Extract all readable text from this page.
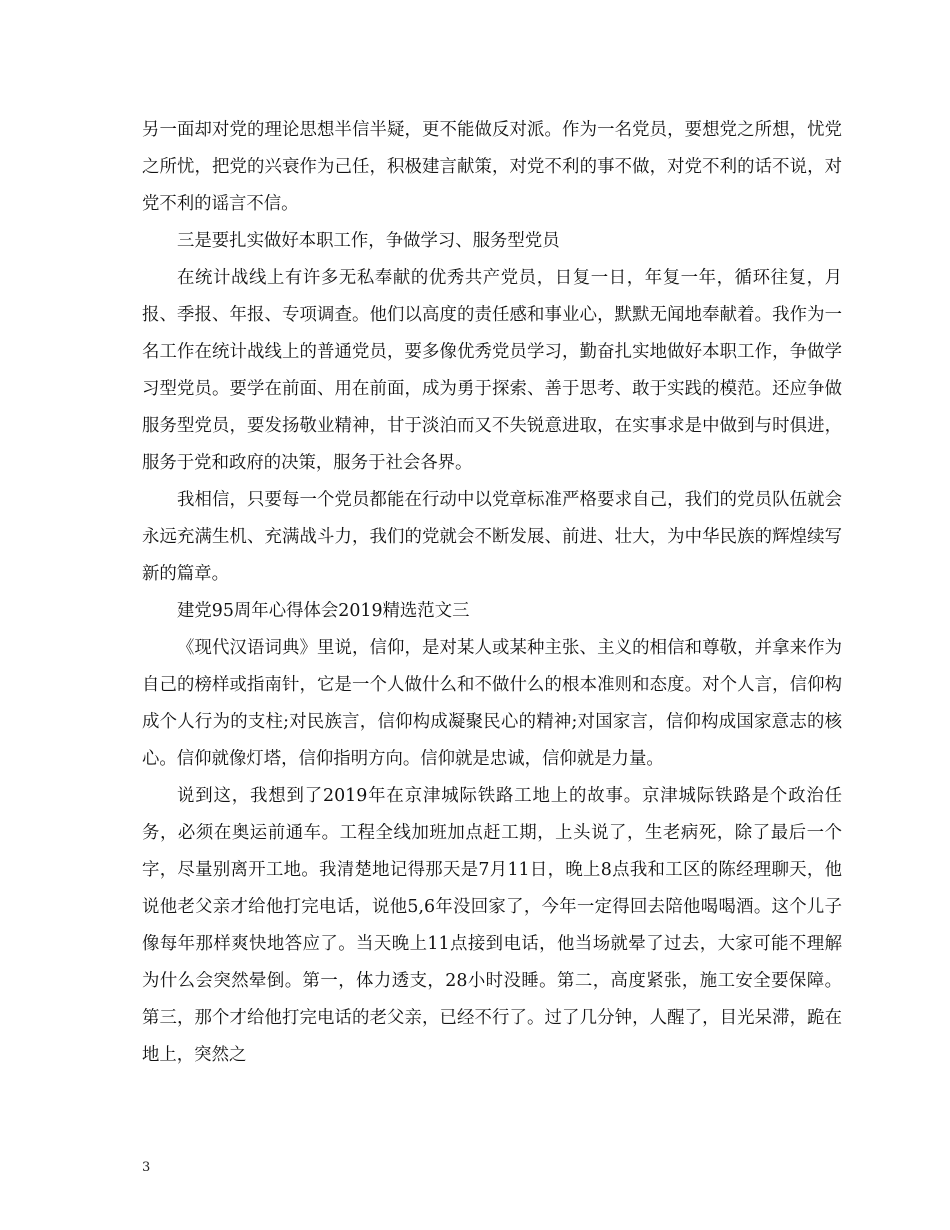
另一面却对党的理论思想半信半疑，更不能做反对派。作为一名党员，要想党之所想，忧党之所忧，把党的兴衰作为己任，积极建言献策，对党不利的事不做，对党不利的话不说，对党不利的谣言不信。

三是要扎实做好本职工作，争做学习、服务型党员

在统计战线上有许多无私奉献的优秀共产党员，日复一日，年复一年，循环往复，月报、季报、年报、专项调查。他们以高度的责任感和事业心，默默无闻地奉献着。我作为一名工作在统计战线上的普通党员，要多像优秀党员学习，勤奋扎实地做好本职工作，争做学习型党员。要学在前面、用在前面，成为勇于探索、善于思考、敢于实践的模范。还应争做服务型党员，要发扬敬业精神，甘于淡泊而又不失锐意进取，在实事求是中做到与时俱进，服务于党和政府的决策，服务于社会各界。

我相信，只要每一个党员都能在行动中以党章标准严格要求自己，我们的党员队伍就会永远充满生机、充满战斗力，我们的党就会不断发展、前进、壮大，为中华民族的辉煌续写新的篇章。

建党95周年心得体会2019精选范文三

《现代汉语词典》里说，信仰，是对某人或某种主张、主义的相信和尊敬，并拿来作为自己的榜样或指南针，它是一个人做什么和不做什么的根本准则和态度。对个人言，信仰构成个人行为的支柱;对民族言，信仰构成凝聚民心的精神;对国家言，信仰构成国家意志的核心。信仰就像灯塔，信仰指明方向。信仰就是忠诚，信仰就是力量。

说到这，我想到了2019年在京津城际铁路工地上的故事。京津城际铁路是个政治任务，必须在奥运前通车。工程全线加班加点赶工期，上头说了，生老病死，除了最后一个字，尽量别离开工地。我清楚地记得那天是7月11日，晚上8点我和工区的陈经理聊天，他说他老父亲才给他打完电话，说他5,6年没回家了，今年一定得回去陪他喝喝酒。这个儿子像每年那样爽快地答应了。当天晚上11点接到电话，他当场就晕了过去，大家可能不理解为什么会突然晕倒。第一，体力透支，28小时没睡。第二，高度紧张，施工安全要保障。第三，那个才给他打完电话的老父亲，已经不行了。过了几分钟，人醒了，目光呆滞，跪在地上，突然之

3
